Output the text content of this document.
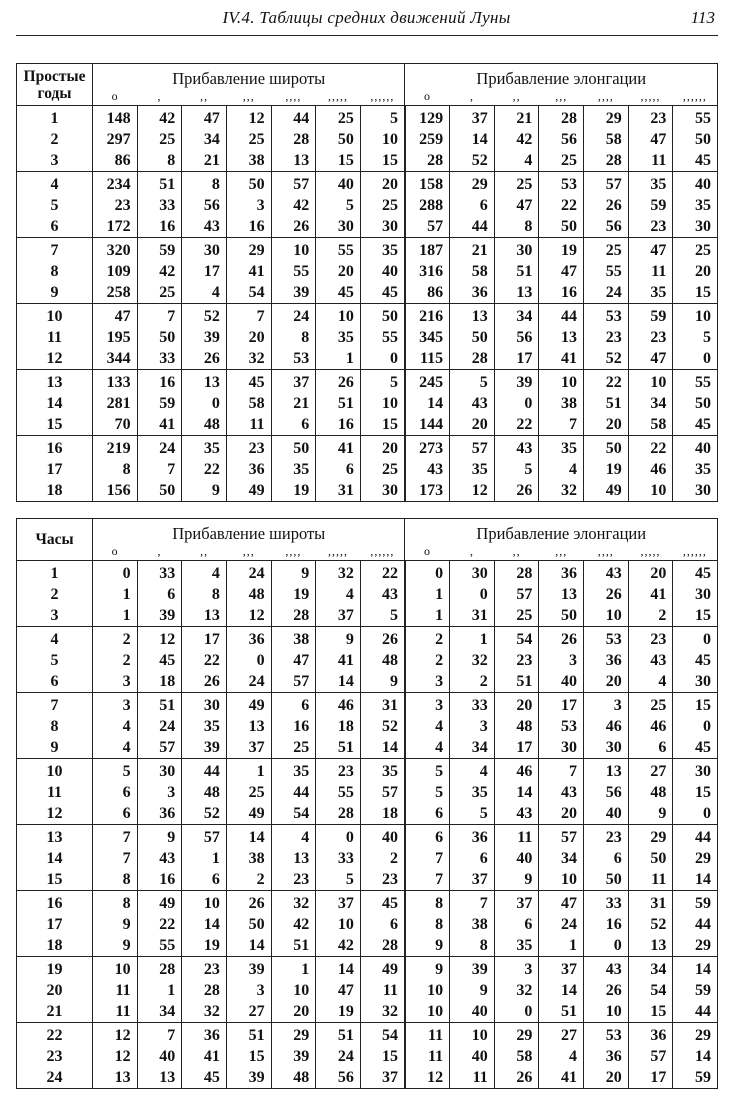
IV.4. Таблицы средних движений Луны	113
Простые годы	Прибавление широты							Прибавление элонгации						
	o	,	,,	,,,	,,,,	,,,,,	,,,,,,	o	,	,,	,,,	,,,,	,,,,,	,,,,,,
1	148	42	47	12	44	25	5	129	37	21	28	29	23	55
2	297	25	34	25	28	50	10	259	14	42	56	58	47	50
3	86	8	21	38	13	15	15	28	52	4	25	28	11	45
4	234	51	8	50	57	40	20	158	29	25	53	57	35	40
5	23	33	56	3	42	5	25	288	6	47	22	26	59	35
6	172	16	43	16	26	30	30	57	44	8	50	56	23	30
7	320	59	30	29	10	55	35	187	21	30	19	25	47	25
8	109	42	17	41	55	20	40	316	58	51	47	55	11	20
9	258	25	4	54	39	45	45	86	36	13	16	24	35	15
10	47	7	52	7	24	10	50	216	13	34	44	53	59	10
11	195	50	39	20	8	35	55	345	50	56	13	23	23	5
12	344	33	26	32	53	1	0	115	28	17	41	52	47	0
13	133	16	13	45	37	26	5	245	5	39	10	22	10	55
14	281	59	0	58	21	51	10	14	43	0	38	51	34	50
15	70	41	48	11	6	16	15	144	20	22	7	20	58	45
16	219	24	35	23	50	41	20	273	57	43	35	50	22	40
17	8	7	22	36	35	6	25	43	35	5	4	19	46	35
18	156	50	9	49	19	31	30	173	12	26	32	49	10	30
Часы	Прибавление широты							Прибавление элонгации						
	o	,	,,	,,,	,,,,	,,,,,	,,,,,,	o	,	,,	,,,	,,,,	,,,,,	,,,,,,
1	0	33	4	24	9	32	22	0	30	28	36	43	20	45
2	1	6	8	48	19	4	43	1	0	57	13	26	41	30
3	1	39	13	12	28	37	5	1	31	25	50	10	2	15
4	2	12	17	36	38	9	26	2	1	54	26	53	23	0
5	2	45	22	0	47	41	48	2	32	23	3	36	43	45
6	3	18	26	24	57	14	9	3	2	51	40	20	4	30
7	3	51	30	49	6	46	31	3	33	20	17	3	25	15
8	4	24	35	13	16	18	52	4	3	48	53	46	46	0
9	4	57	39	37	25	51	14	4	34	17	30	30	6	45
10	5	30	44	1	35	23	35	5	4	46	7	13	27	30
11	6	3	48	25	44	55	57	5	35	14	43	56	48	15
12	6	36	52	49	54	28	18	6	5	43	20	40	9	0
13	7	9	57	14	4	0	40	6	36	11	57	23	29	44
14	7	43	1	38	13	33	2	7	6	40	34	6	50	29
15	8	16	6	2	23	5	23	7	37	9	10	50	11	14
16	8	49	10	26	32	37	45	8	7	37	47	33	31	59
17	9	22	14	50	42	10	6	8	38	6	24	16	52	44
18	9	55	19	14	51	42	28	9	8	35	1	0	13	29
19	10	28	23	39	1	14	49	9	39	3	37	43	34	14
20	11	1	28	3	10	47	11	10	9	32	14	26	54	59
21	11	34	32	27	20	19	32	10	40	0	51	10	15	44
22	12	7	36	51	29	51	54	11	10	29	27	53	36	29
23	12	40	41	15	39	24	15	11	40	58	4	36	57	14
24	13	13	45	39	48	56	37	12	11	26	41	20	17	59
